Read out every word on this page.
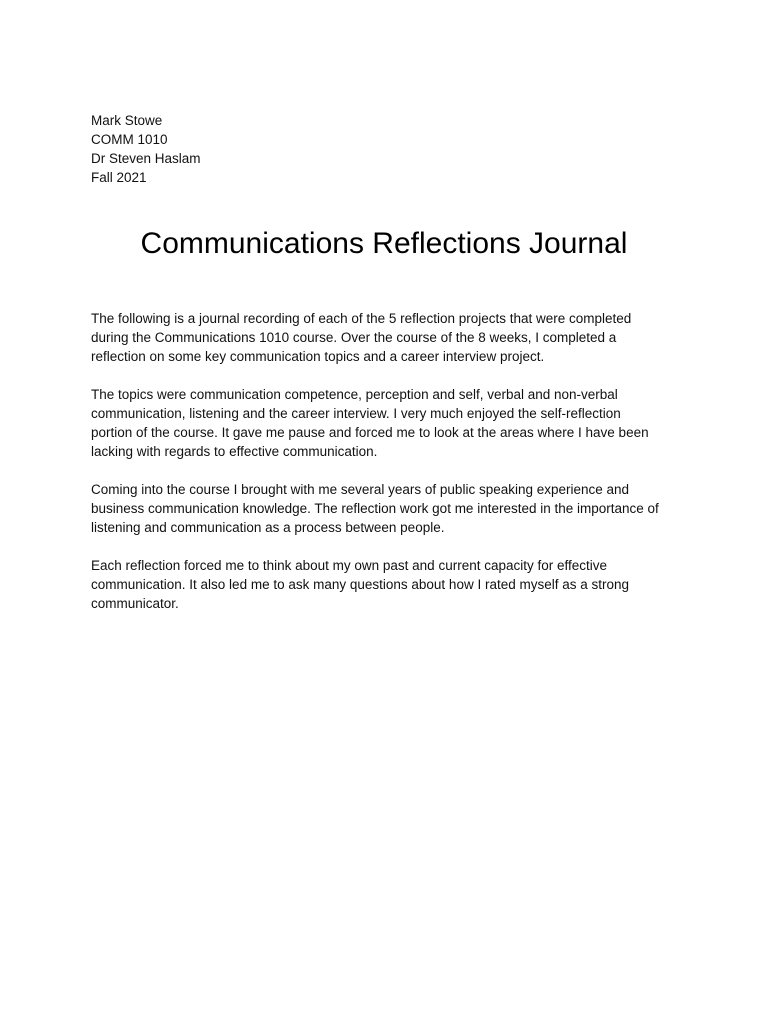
Mark Stowe
COMM 1010
Dr Steven Haslam
Fall 2021
Communications Reflections Journal

The following is a journal recording of each of the 5 reflection projects that were completed
during the Communications 1010 course. Over the course of the 8 weeks, I completed a
reflection on some key communication topics and a career interview project.

The topics were communication competence, perception and self, verbal and non-verbal
communication, listening and the career interview. I very much enjoyed the self-reflection
portion of the course. It gave me pause and forced me to look at the areas where I have been
lacking with regards to effective communication.

Coming into the course I brought with me several years of public speaking experience and
business communication knowledge. The reflection work got me interested in the importance of
listening and communication as a process between people.

Each reflection forced me to think about my own past and current capacity for effective
communication. It also led me to ask many questions about how I rated myself as a strong
communicator.
